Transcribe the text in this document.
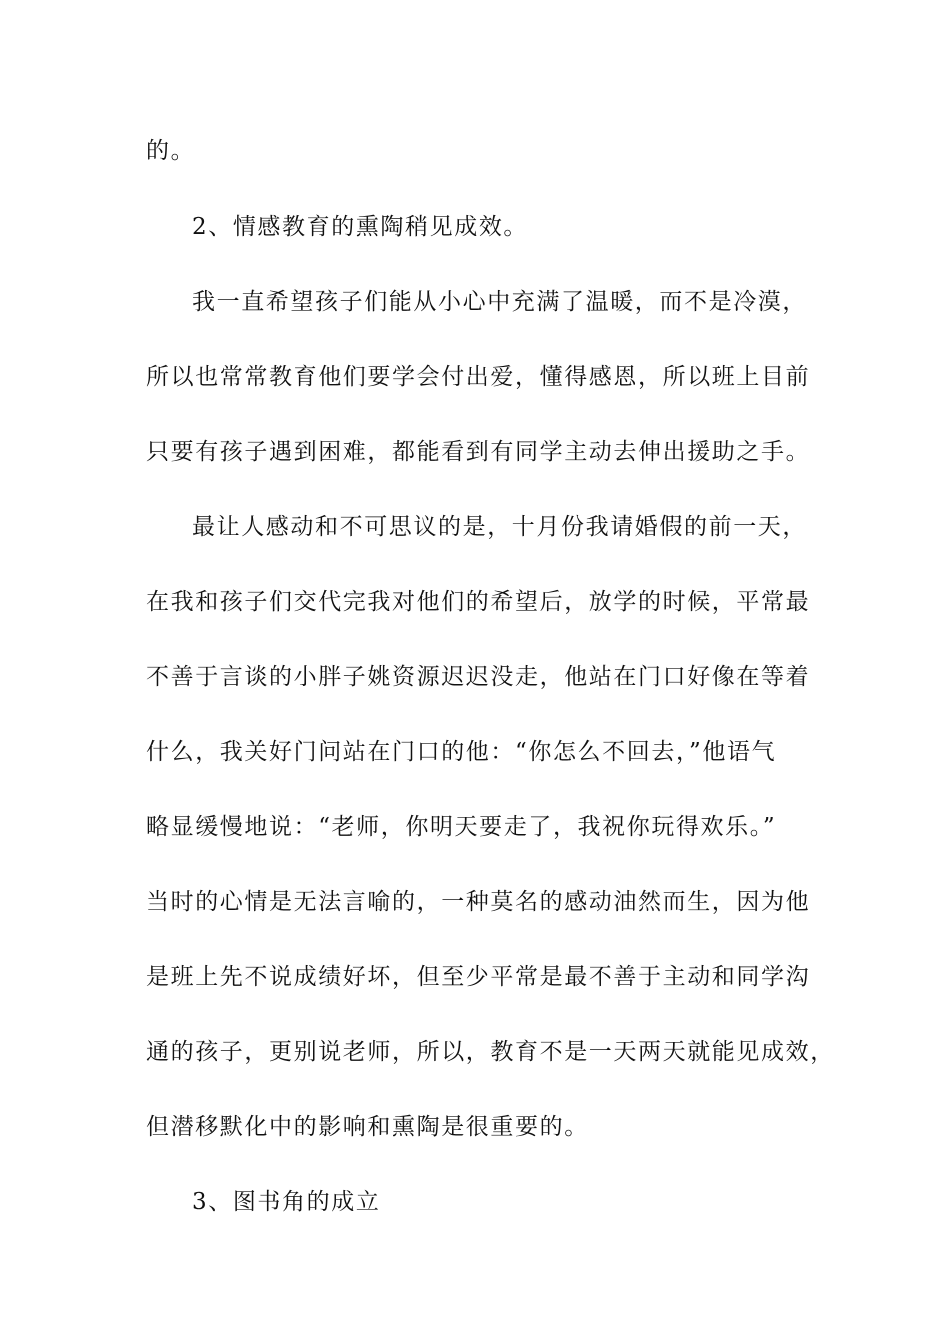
的。

2、情感教育的熏陶稍见成效。

我一直希望孩子们能从小心中充满了温暖，而不是冷漠，

所以也常常教育他们要学会付出爱，懂得感恩，所以班上目前

只要有孩子遇到困难，都能看到有同学主动去伸出援助之手。

最让人感动和不可思议的是，十月份我请婚假的前一天，

在我和孩子们交代完我对他们的希望后，放学的时候，平常最

不善于言谈的小胖子姚资源迟迟没走，他站在门口好像在等着

什么，我关好门问站在门口的他：“你怎么不回去，”他语气

略显缓慢地说：“老师，你明天要走了，我祝你玩得欢乐。”

当时的心情是无法言喻的，一种莫名的感动油然而生，因为他

是班上先不说成绩好坏，但至少平常是最不善于主动和同学沟

通的孩子，更别说老师，所以，教育不是一天两天就能见成效，

但潜移默化中的影响和熏陶是很重要的。

3、图书角的成立
